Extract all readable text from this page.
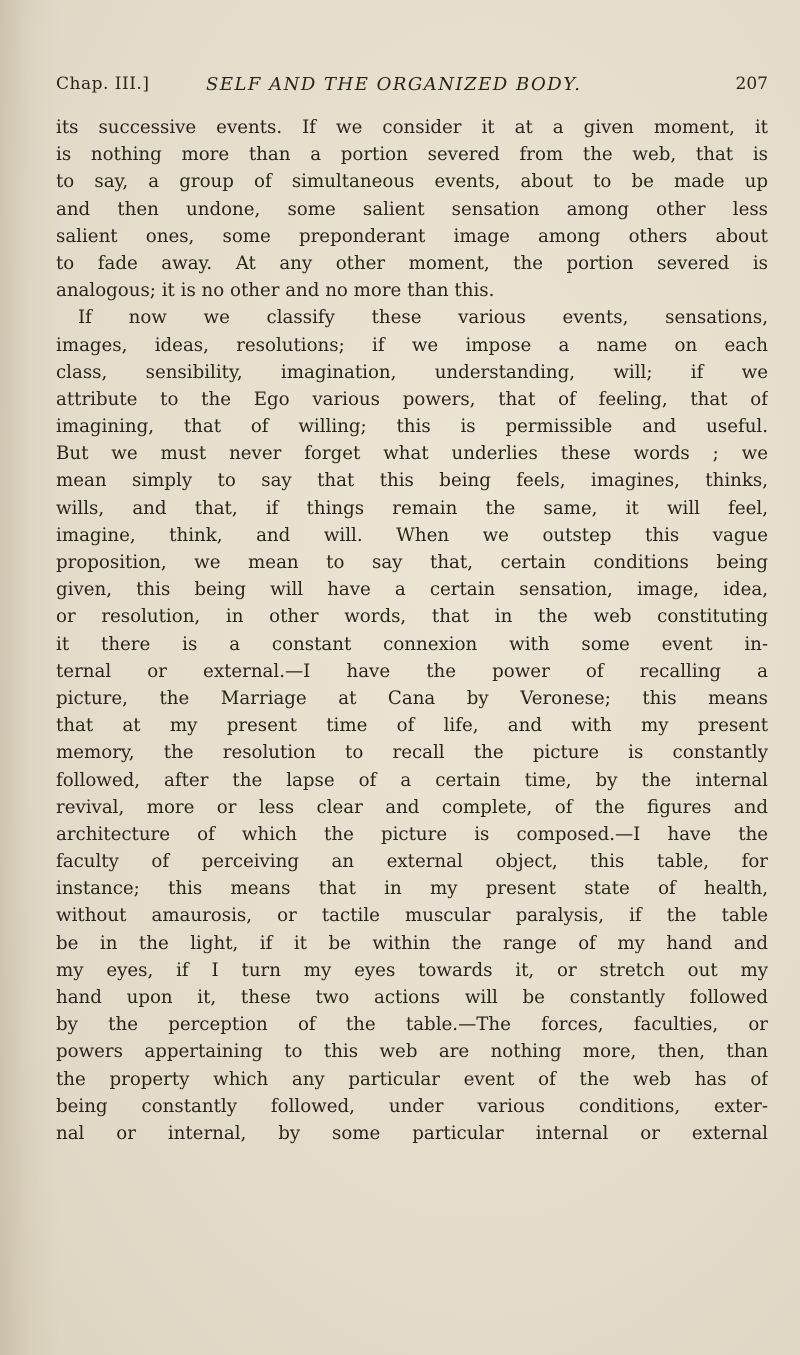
Chap. III.]	SELF AND THE ORGANIZED BODY.	207
its successive events. If we consider it at a given moment, it
is nothing more than a portion severed from the web, that is
to say, a group of simultaneous events, about to be made up
and then undone, some salient sensation among other less
salient ones, some preponderant image among others about
to fade away. At any other moment, the portion severed is
analogous; it is no other and no more than this.
If now we classify these various events, sensations,
images, ideas, resolutions; if we impose a name on each
class, sensibility, imagination, understanding, will; if we
attribute to the Ego various powers, that of feeling, that of
imagining, that of willing; this is permissible and useful.
But we must never forget what underlies these words ; we
mean simply to say that this being feels, imagines, thinks,
wills, and that, if things remain the same, it will feel,
imagine, think, and will. When we outstep this vague
proposition, we mean to say that, certain conditions being
given, this being will have a certain sensation, image, idea,
or resolution, in other words, that in the web constituting
it there is a constant connexion with some event in-
ternal or external.—I have the power of recalling a
picture, the Marriage at Cana by Veronese; this means
that at my present time of life, and with my present
memory, the resolution to recall the picture is constantly
followed, after the lapse of a certain time, by the internal
revival, more or less clear and complete, of the figures and
architecture of which the picture is composed.—I have the
faculty of perceiving an external object, this table, for
instance; this means that in my present state of health,
without amaurosis, or tactile muscular paralysis, if the table
be in the light, if it be within the range of my hand and
my eyes, if I turn my eyes towards it, or stretch out my
hand upon it, these two actions will be constantly followed
by the perception of the table.—The forces, faculties, or
powers appertaining to this web are nothing more, then, than
the property which any particular event of the web has of
being constantly followed, under various conditions, exter-
nal or internal, by some particular internal or external
